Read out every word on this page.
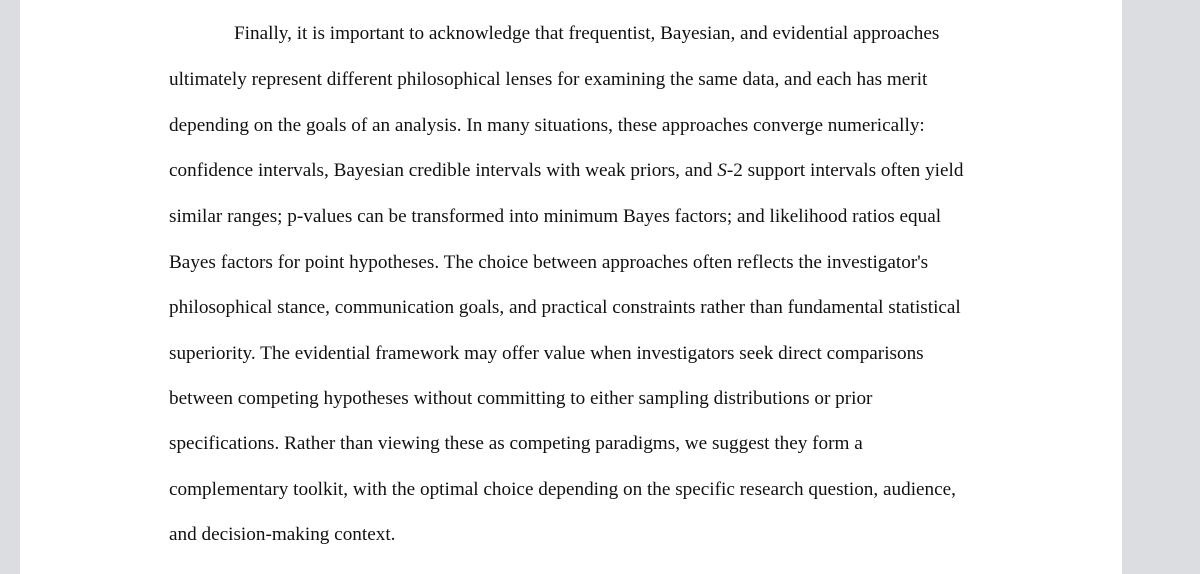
Finally, it is important to acknowledge that frequentist, Bayesian, and evidential approaches

ultimately represent different philosophical lenses for examining the same data, and each has merit

depending on the goals of an analysis. In many situations, these approaches converge numerically:

confidence intervals, Bayesian credible intervals with weak priors, and S-2 support intervals often yield

similar ranges; p-values can be transformed into minimum Bayes factors; and likelihood ratios equal

Bayes factors for point hypotheses. The choice between approaches often reflects the investigator's

philosophical stance, communication goals, and practical constraints rather than fundamental statistical

superiority. The evidential framework may offer value when investigators seek direct comparisons

between competing hypotheses without committing to either sampling distributions or prior

specifications. Rather than viewing these as competing paradigms, we suggest they form a

complementary toolkit, with the optimal choice depending on the specific research question, audience,

and decision-making context.
